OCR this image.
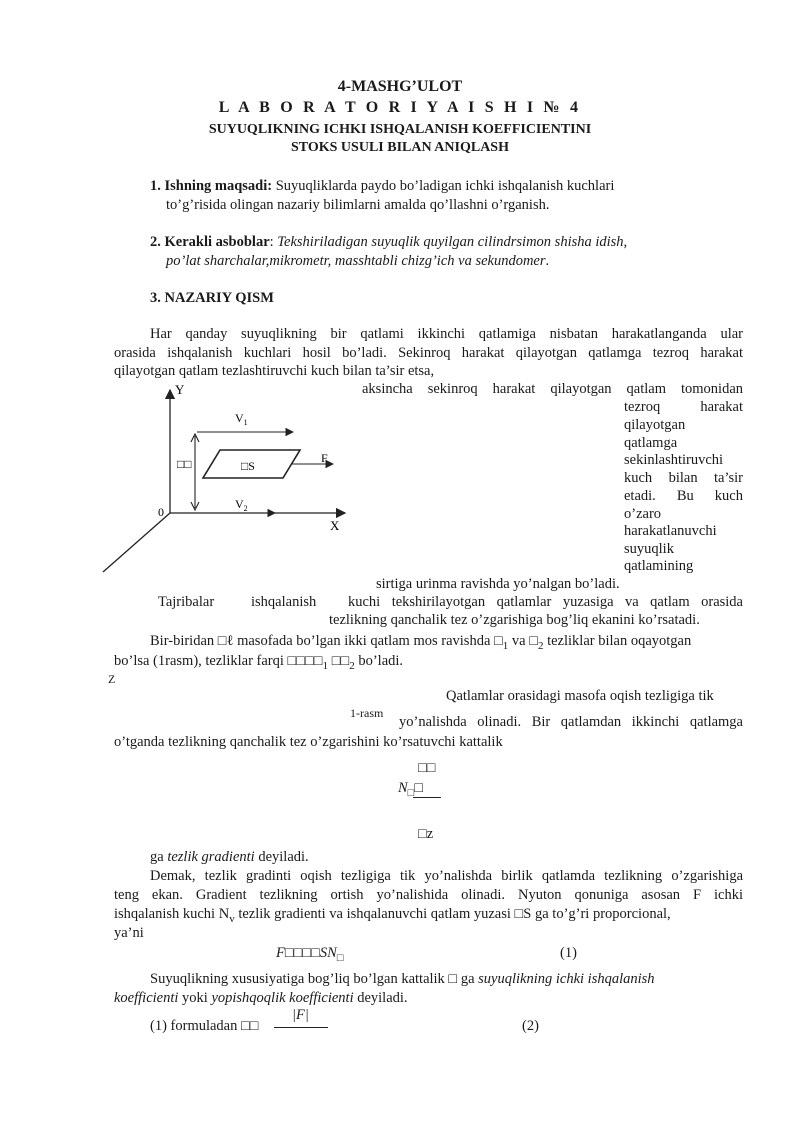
4-MASHG’ULOT
L A B O R A T O R I Y A I S H I № 4
SUYUQLIKNING ICHKI ISHQALANISH KOEFFICIENTINI
STOKS USULI BILAN ANIQLASH
1. Ishning maqsadi: Suyuqliklarda paydo bo’ladigan ichki ishqalanish kuchlari
to’g’risida olingan nazariy bilimlarni amalda qo’llashni o’rganish.
2. Kerakli asboblar: Tekshiriladigan suyuqlik quyilgan cilindrsimon shisha idish,
po’lat sharchalar,mikrometr, masshtabli chizg’ich va sekundomer.
3. NAZARIY QISM
Har qanday suyuqlikning bir qatlami ikkinchi qatlamiga nisbatan harakatlanganda ular
orasida ishqalanish kuchlari hosil bo’ladi. Sekinroq harakat qilayotgan qatlamga tezroq harakat
qilayotgan qatlam tezlashtiruvchi kuch bilan ta’sir etsa,
aksincha sekinroq harakat qilayotgan qatlam tomonidan
tezroq	harakat
qilayotgan
qatlamga
sekinlashtiruvchi
kuch bilan ta’sir
etadi. Bu kuch
o’zaro
harakatlanuvchi
suyuqlik
qatlamining
sirtiga urinma ravishda yo’nalgan bo’ladi.
Y
X
0
$V_1$
$V_2$
F
□S
□□
Z
Tajribalar	ishqalanish kuchi tekshirilayotgan qatlamlar yuzasiga va qatlam orasida
tezlikning qanchalik tez o’zgarishiga bog’liq ekanini ko’rsatadi.
Bir-biridan □ℓ masofada bo’lgan ikki qatlam mos ravishda $□_1$ va $□_2$ tezliklar bilan oqayotgan
bo’lsa (1rasm), tezliklar farqi $□□□□_1$ $□□_2$ bo’ladi.
Qatlamlar orasidagi masofa oqish tezligiga tik
1-rasm
yo’nalishda olinadi. Bir qatlamdan ikkinchi qatlamga
o’tganda tezlikning qanchalik tez o’zgarishini ko’rsatuvchi kattalik
□□
$N_□□$
□z
ga tezlik gradienti deyiladi.
Demak, tezlik gradinti oqish tezligiga tik yo’nalishda birlik qatlamda tezlikning o’zgarishiga
teng ekan. Gradient tezlikning ortish yo’nalishida olinadi. Nyuton qonuniga asosan F ichki
ishqalanish kuchi $N_v$ tezlik gradienti va ishqalanuvchi qatlam yuzasi □S ga to’g’ri proporcional,
ya’ni
$F□□□□SN_□$	(1)
Suyuqlikning xususiyatiga bog’liq bo’lgan kattalik □ ga suyuqlikning ichki ishqalanish
koefficienti yoki yopishqoqlik koefficienti deyiladi.
(1) formuladan □□
|F|
(2)
